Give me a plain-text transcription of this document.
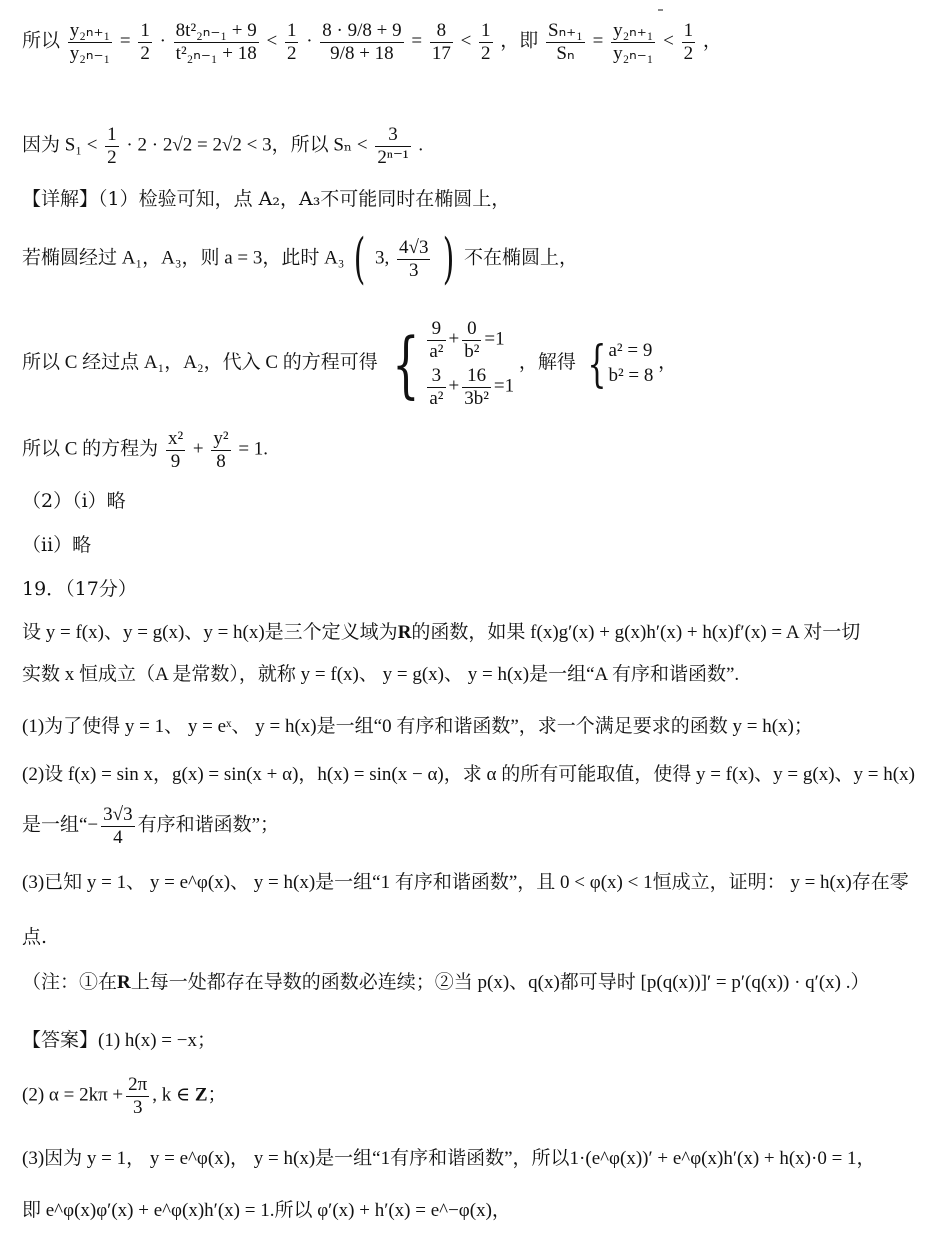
所以 $\frac{\text{y₂ₙ₊₁}}{\text{y₂ₙ₋₁}} = \frac{1}{2} \cdot \frac{\text{8t²₂ₙ₋₁ + 9}}{\text{t²₂ₙ₋₁ + 18}} < \frac{1}{2} \cdot \frac{8 \cdot 9/8 + 9}{9/8 + 18} = \frac{8}{17} < \frac{1}{2}$ ，即 $\frac{\text{Sₙ₊₁}}{\text{Sₙ}} = \frac{\text{y₂ₙ₊₁}}{\text{y₂ₙ₋₁}} < \frac{1}{2}$ ，
因为 $S_1 < \frac{1}{2} \cdot 2 \cdot 2√2 = 2√2 < 3$，所以 $S_n < \frac{3}{\text{2ⁿ⁻¹}}$ .
【详解】（1）检验可知，点 A₂，A₃不可能同时在椭圆上，
若椭圆经过 A₁，A₃，则 a = 3，此时 A₃ ( 3, $\frac{4√3}{3}$ ) 不在椭圆上，
所以 C 经过点 A₁，A₂，代入 C 的方程可得 { $\frac{9}{\text{a²}} + \frac{0}{\text{b²}} =1$
$\frac{3}{\text{a²}} + \frac{16}{\text{3b²}} =1$
，解得 { a² = 9
b² = 8
，
所以 C 的方程为 $\frac{\text{x²}}{9} + \frac{\text{y²}}{8} = 1$.
（2）（i）略
（ii）略
19．（17分）
设 y = f(x)、y = g(x)、y = h(x)是三个定义域为R的函数，如果 f(x)g′(x) + g(x)h′(x) + h(x)f′(x) = A 对一切
实数 x 恒成立（A 是常数），就称 y = f(x)、 y = g(x)、 y = h(x)是一组“A 有序和谐函数”.
(1)为了使得 y = 1、 y = eˣ、 y = h(x)是一组“0 有序和谐函数”，求一个满足要求的函数 y = h(x)；
(2)设 f(x) = sin x，g(x) = sin(x + α)，h(x) = sin(x − α)，求 α 的所有可能取值，使得 y = f(x)、y = g(x)、y = h(x)
是一组“− $\frac{3√3}{4}$ 有序和谐函数”；
(3)已知 y = 1、 y = e^φ(x)、 y = h(x)是一组“1 有序和谐函数”，且 0 < φ(x) < 1恒成立，证明： y = h(x)存在零
点.
（注：①在R上每一处都存在导数的函数必连续；②当 p(x)、q(x)都可导时 [p(q(x))]′ = p′(q(x)) · q′(x) .）
【答案】(1) h(x) = −x；
(2) $\alpha = 2k\pi + \frac{2\pi}{3}$ , k ∈ Z；
(3)因为 y = 1， y = e^φ(x)， y = h(x)是一组“1有序和谐函数”，所以1·(e^φ(x))′ + e^φ(x)h′(x) + h(x)·0 = 1，
即 e^φ(x)φ′(x) + e^φ(x)h′(x) = 1.所以 φ′(x) + h′(x) = e^−φ(x)，
